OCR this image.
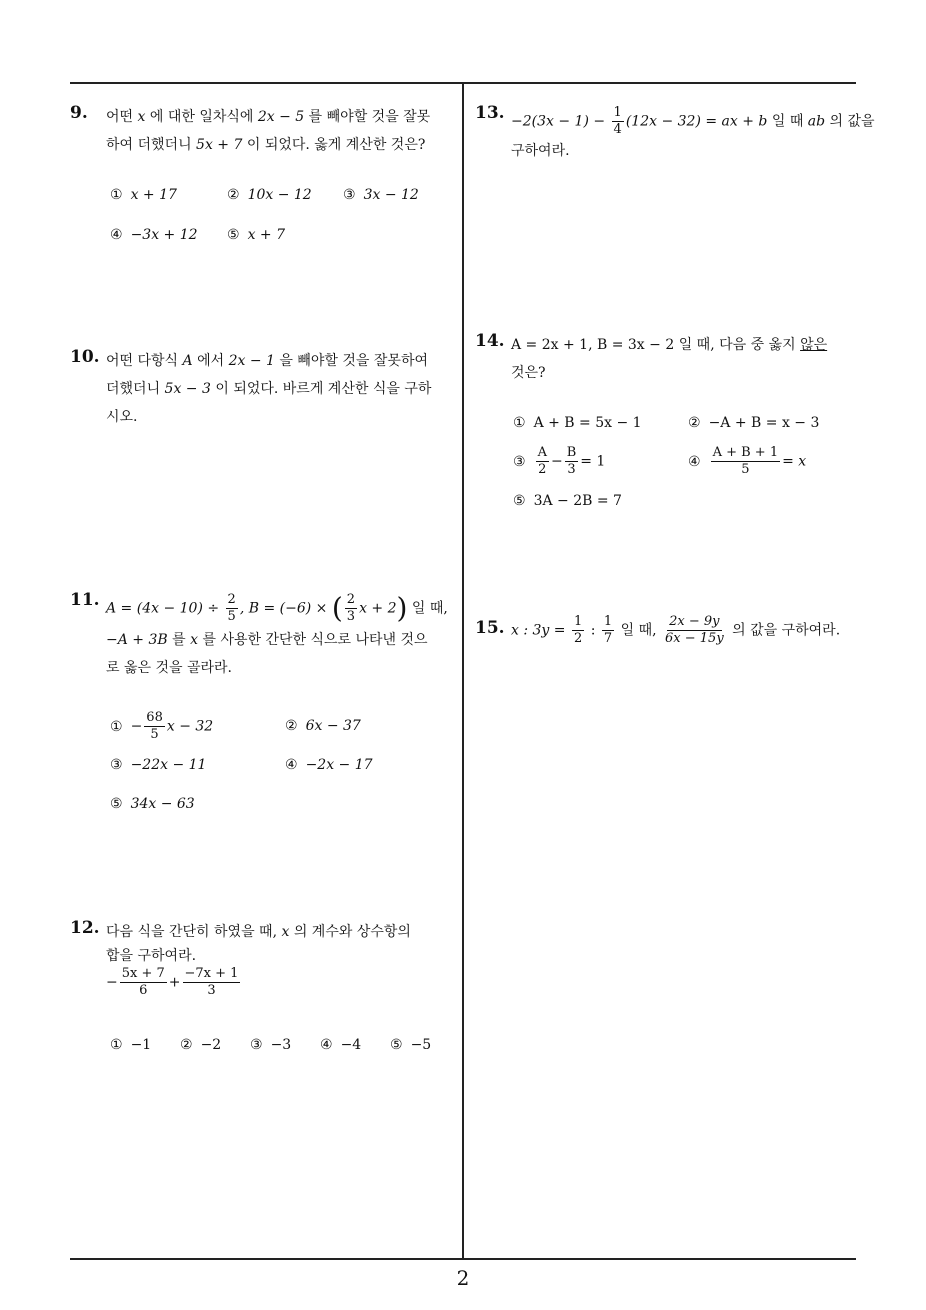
2
9. 어떤 x 에 대한 일차식에 2x − 5 를 빼야할 것을 잘못
하여 더했더니 5x + 7 이 되었다. 옳게 계산한 것은?
① x + 17	② 10x − 12 ③ 3x − 12
④ −3x + 12 ⑤ x + 7
10. 어떤 다항식 A 에서 2x − 1 을 빼야할 것을 잘못하여
더했더니 5x − 3 이 되었다. 바르게 계산한 식을 구하
시오.
11. $A = (4x - 10) \div \frac{2}{5}$ , B = (−6) × ( $\frac{2}{3}$ x + 2) 일 때,
−A + 3B 를 x 를 사용한 간단한 식으로 나타낸 것으
로 옳은 것을 골라라.
① − $\frac{68}{5}$ x − 32	② 6x − 37
③ −22x − 11	④ −2x − 17
⑤ 34x − 63
12. 다음 식을 간단히 하였을 때, x 의 계수와 상수항의
합을 구하여라.
− $\frac{5x + 7}{6} + \frac{-7x + 1}{3}$
① −1 ② −2 ③ −3 ④ −4 ⑤ −5
13. $-2(3x - 1) - \frac{1}{4} (12x - 32)$ = ax + b 일 때 ab 의 값을
구하여라.
14. A = 2x + 1, B = 3x − 2 일 때, 다음 중 옳지 않은
것은?
① A + B = 5x − 1	② −A + B = x − 3
③ $\frac{A}{2} - \frac{B}{3} = 1$	④ $\frac{A + B + 1}{5} = x$
⑤ 3A − 2B = 7
15. x : $3y = \frac{1}{2}$ : $\frac{1}{7}$ 일 때, $\frac{2x - 9y}{6x - 15y}$ 의 값을 구하여라.
